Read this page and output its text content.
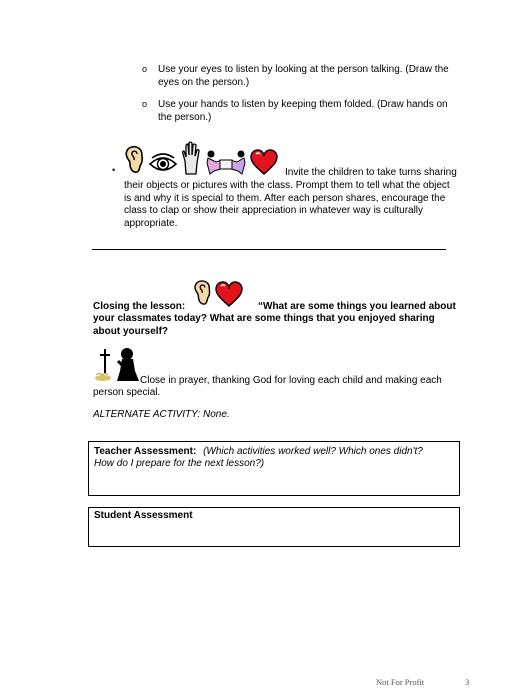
o	Use your eyes to listen by looking at the person talking. (Draw the
eyes on the person.)
o	Use your hands to listen by keeping them folded. (Draw hands on
the person.)
•	Invite the children to take turns sharing
their objects or pictures with the class. Prompt them to tell what the object
is and why it is special to them. After each person shares, encourage the
class to clap or show their appreciation in whatever way is culturally
appropriate.
Closing the lesson:	“What are some things you learned about
your classmates today? What are some things that you enjoyed sharing
about yourself?
Close in prayer, thanking God for loving each child and making each
person special.
ALTERNATE ACTIVITY: None.
Teacher Assessment: (Which activities worked well? Which ones didn't?
How do I prepare for the next lesson?)
Student Assessment
Not For Profit	3
